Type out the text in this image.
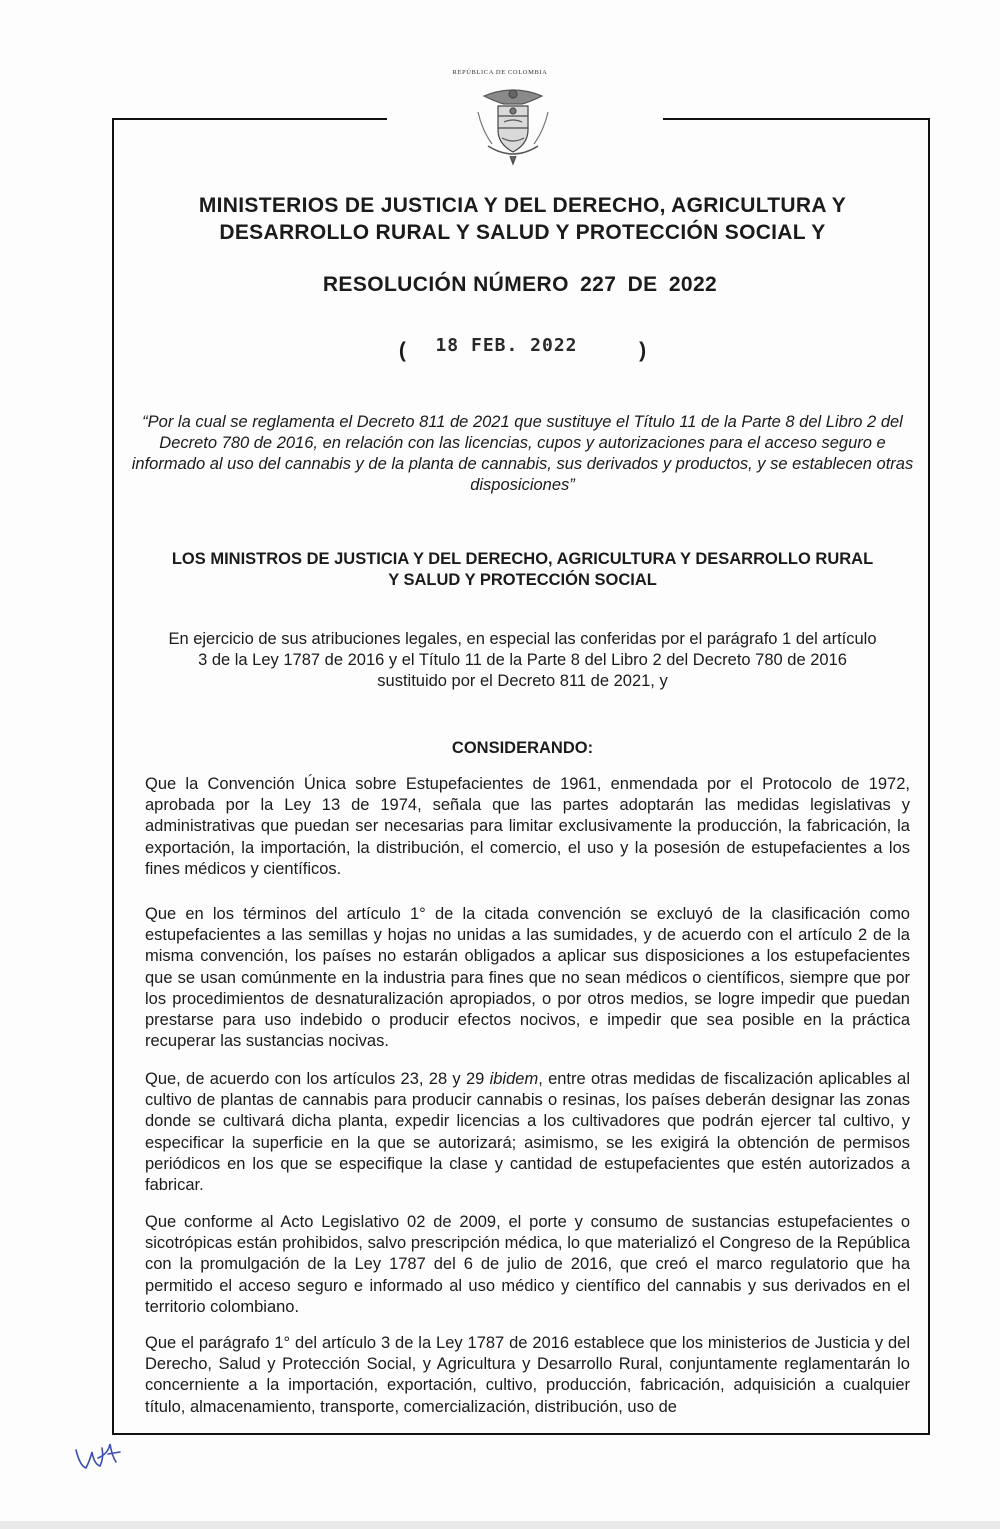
REPÚBLICA DE COLOMBIA
MINISTERIOS DE JUSTICIA Y DEL DERECHO, AGRICULTURA Y
DESARROLLO RURAL Y SALUD Y PROTECCIÓN SOCIAL Y
RESOLUCIÓN NÚMERO 227 DE 2022
( 18 FEB. 2022	)
“Por la cual se reglamenta el Decreto 811 de 2021 que sustituye el Título 11 de la Parte 8 del Libro 2 del Decreto 780 de 2016, en relación con las licencias, cupos y autorizaciones para el acceso seguro e informado al uso del cannabis y de la planta de cannabis, sus derivados y productos, y se establecen otras disposiciones”
LOS MINISTROS DE JUSTICIA Y DEL DERECHO, AGRICULTURA Y DESARROLLO RURAL
Y SALUD Y PROTECCIÓN SOCIAL
En ejercicio de sus atribuciones legales, en especial las conferidas por el parágrafo 1 del artículo
3 de la Ley 1787 de 2016 y el Título 11 de la Parte 8 del Libro 2 del Decreto 780 de 2016
sustituido por el Decreto 811 de 2021, y
CONSIDERANDO:

Que la Convención Única sobre Estupefacientes de 1961, enmendada por el Protocolo de 1972, aprobada por la Ley 13 de 1974, señala que las partes adoptarán las medidas legislativas y administrativas que puedan ser necesarias para limitar exclusivamente la producción, la fabricación, la exportación, la importación, la distribución, el comercio, el uso y la posesión de estupefacientes a los fines médicos y científicos.

Que en los términos del artículo 1° de la citada convención se excluyó de la clasificación como estupefacientes a las semillas y hojas no unidas a las sumidades, y de acuerdo con el artículo 2 de la misma convención, los países no estarán obligados a aplicar sus disposiciones a los estupefacientes que se usan comúnmente en la industria para fines que no sean médicos o científicos, siempre que por los procedimientos de desnaturalización apropiados, o por otros medios, se logre impedir que puedan prestarse para uso indebido o producir efectos nocivos, e impedir que sea posible en la práctica recuperar las sustancias nocivas.

Que, de acuerdo con los artículos 23, 28 y 29 ibidem, entre otras medidas de fiscalización aplicables al cultivo de plantas de cannabis para producir cannabis o resinas, los países deberán designar las zonas donde se cultivará dicha planta, expedir licencias a los cultivadores que podrán ejercer tal cultivo, y especificar la superficie en la que se autorizará; asimismo, se les exigirá la obtención de permisos periódicos en los que se especifique la clase y cantidad de estupefacientes que estén autorizados a fabricar.

Que conforme al Acto Legislativo 02 de 2009, el porte y consumo de sustancias estupefacientes o sicotrópicas están prohibidos, salvo prescripción médica, lo que materializó el Congreso de la República con la promulgación de la Ley 1787 del 6 de julio de 2016, que creó el marco regulatorio que ha permitido el acceso seguro e informado al uso médico y científico del cannabis y sus derivados en el territorio colombiano.

Que el parágrafo 1° del artículo 3 de la Ley 1787 de 2016 establece que los ministerios de Justicia y del Derecho, Salud y Protección Social, y Agricultura y Desarrollo Rural, conjuntamente reglamentarán lo concerniente a la importación, exportación, cultivo, producción, fabricación, adquisición a cualquier título, almacenamiento, transporte, comercialización, distribución, uso de
